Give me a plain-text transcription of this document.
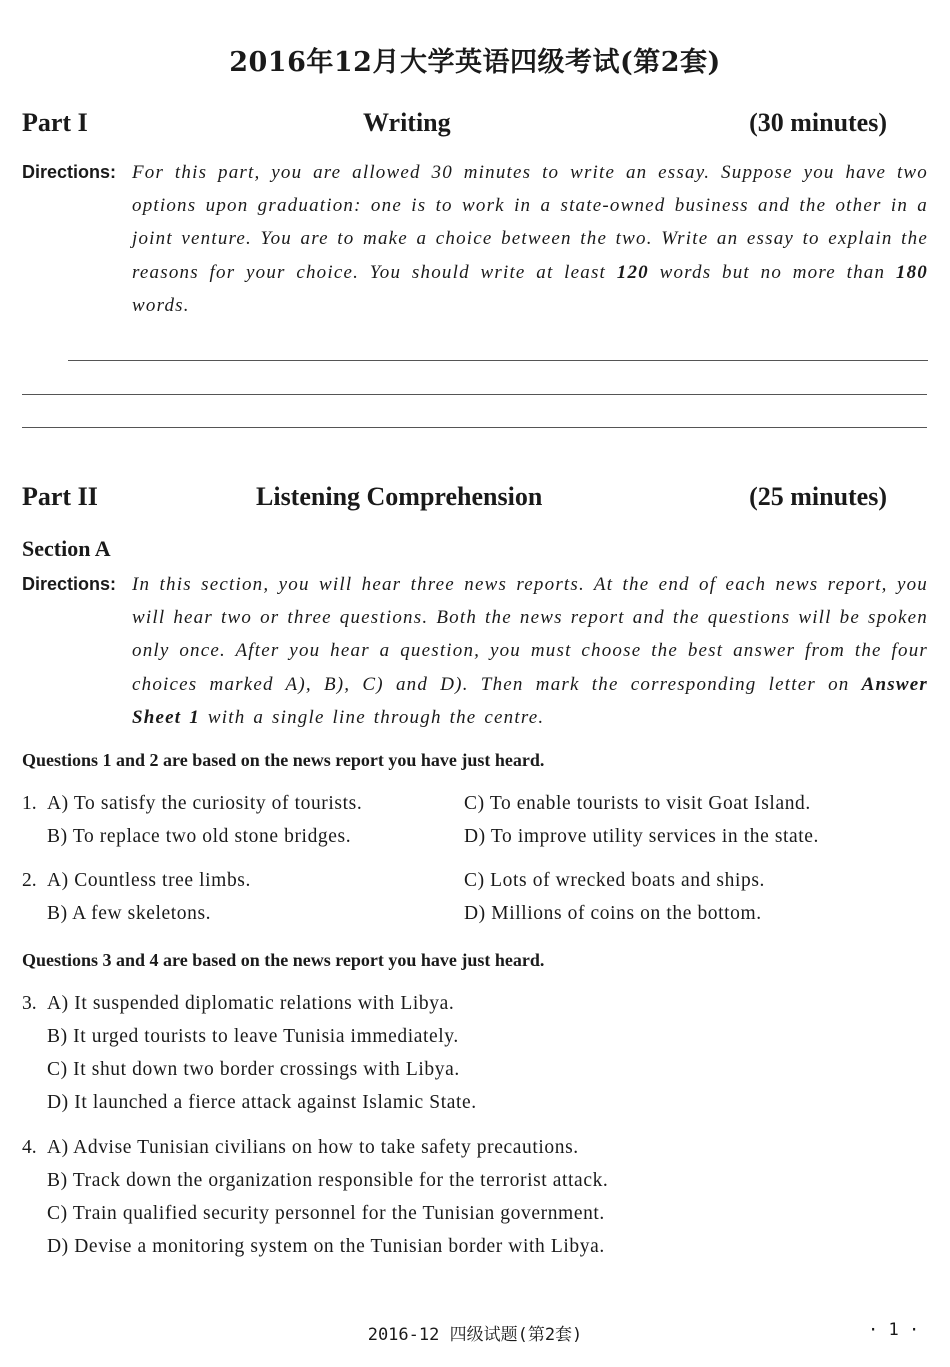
2016年12月大学英语四级考试(第2套)
Part I	Writing	(30 minutes)
Directions: For this part, you are allowed 30 minutes to write an essay. Suppose you have two options upon graduation: one is to work in a state-owned business and the other in a joint venture. You are to make a choice between the two. Write an essay to explain the reasons for your choice. You should write at least 120 words but no more than 180 words.
Part II	Listening Comprehension	(25 minutes)
Section A
Directions: In this section, you will hear three news reports. At the end of each news report, you will hear two or three questions. Both the news report and the questions will be spoken only once. After you hear a question, you must choose the best answer from the four choices marked A), B), C) and D). Then mark the corresponding letter on Answer Sheet 1 with a single line through the centre.
Questions 1 and 2 are based on the news report you have just heard.
1. A) To satisfy the curiosity of tourists.
B) To replace two old stone bridges.
C) To enable tourists to visit Goat Island.
D) To improve utility services in the state.
2. A) Countless tree limbs.
B) A few skeletons.
C) Lots of wrecked boats and ships.
D) Millions of coins on the bottom.
Questions 3 and 4 are based on the news report you have just heard.
3. A) It suspended diplomatic relations with Libya.
B) It urged tourists to leave Tunisia immediately.
C) It shut down two border crossings with Libya.
D) It launched a fierce attack against Islamic State.
4. A) Advise Tunisian civilians on how to take safety precautions.
B) Track down the organization responsible for the terrorist attack.
C) Train qualified security personnel for the Tunisian government.
D) Devise a monitoring system on the Tunisian border with Libya.
2016-12 四级试题(第2套)	· 1 ·
